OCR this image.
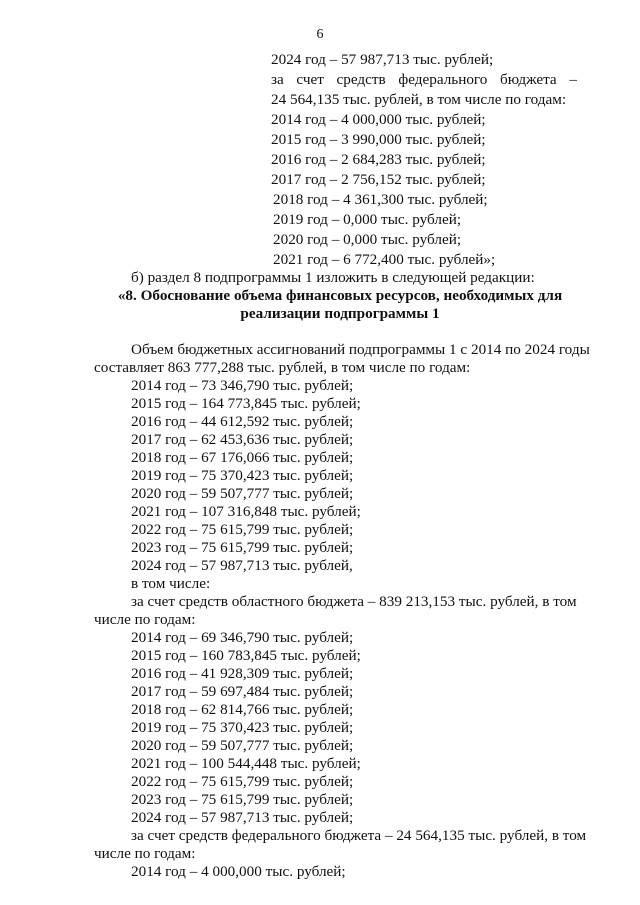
6
2024 год – 57 987,713 тыс. рублей;
за счет средств федерального бюджета –
24 564,135 тыс. рублей, в том числе по годам:
2014 год – 4 000,000 тыс. рублей;
2015 год – 3 990,000 тыс. рублей;
2016 год – 2 684,283 тыс. рублей;
2017 год – 2 756,152 тыс. рублей;
2018 год – 4 361,300 тыс. рублей;
2019 год – 0,000 тыс. рублей;
2020 год – 0,000 тыс. рублей;
2021 год – 6 772,400 тыс. рублей»;
б) раздел 8 подпрограммы 1 изложить в следующей редакции:
«8. Обоснование объема финансовых ресурсов, необходимых для
реализации подпрограммы 1
Объем бюджетных ассигнований подпрограммы 1 с 2014 по 2024 годы
составляет 863 777,288 тыс. рублей, в том числе по годам:
2014 год – 73 346,790 тыс. рублей;
2015 год – 164 773,845 тыс. рублей;
2016 год – 44 612,592 тыс. рублей;
2017 год – 62 453,636 тыс. рублей;
2018 год – 67 176,066 тыс. рублей;
2019 год – 75 370,423 тыс. рублей;
2020 год – 59 507,777 тыс. рублей;
2021 год – 107 316,848 тыс. рублей;
2022 год – 75 615,799 тыс. рублей;
2023 год – 75 615,799 тыс. рублей;
2024 год – 57 987,713 тыс. рублей,
в том числе:
за счет средств областного бюджета – 839 213,153 тыс. рублей, в том
числе по годам:
2014 год – 69 346,790 тыс. рублей;
2015 год – 160 783,845 тыс. рублей;
2016 год – 41 928,309 тыс. рублей;
2017 год – 59 697,484 тыс. рублей;
2018 год – 62 814,766 тыс. рублей;
2019 год – 75 370,423 тыс. рублей;
2020 год – 59 507,777 тыс. рублей;
2021 год – 100 544,448 тыс. рублей;
2022 год – 75 615,799 тыс. рублей;
2023 год – 75 615,799 тыс. рублей;
2024 год – 57 987,713 тыс. рублей;
за счет средств федерального бюджета – 24 564,135 тыс. рублей, в том
числе по годам:
2014 год – 4 000,000 тыс. рублей;
